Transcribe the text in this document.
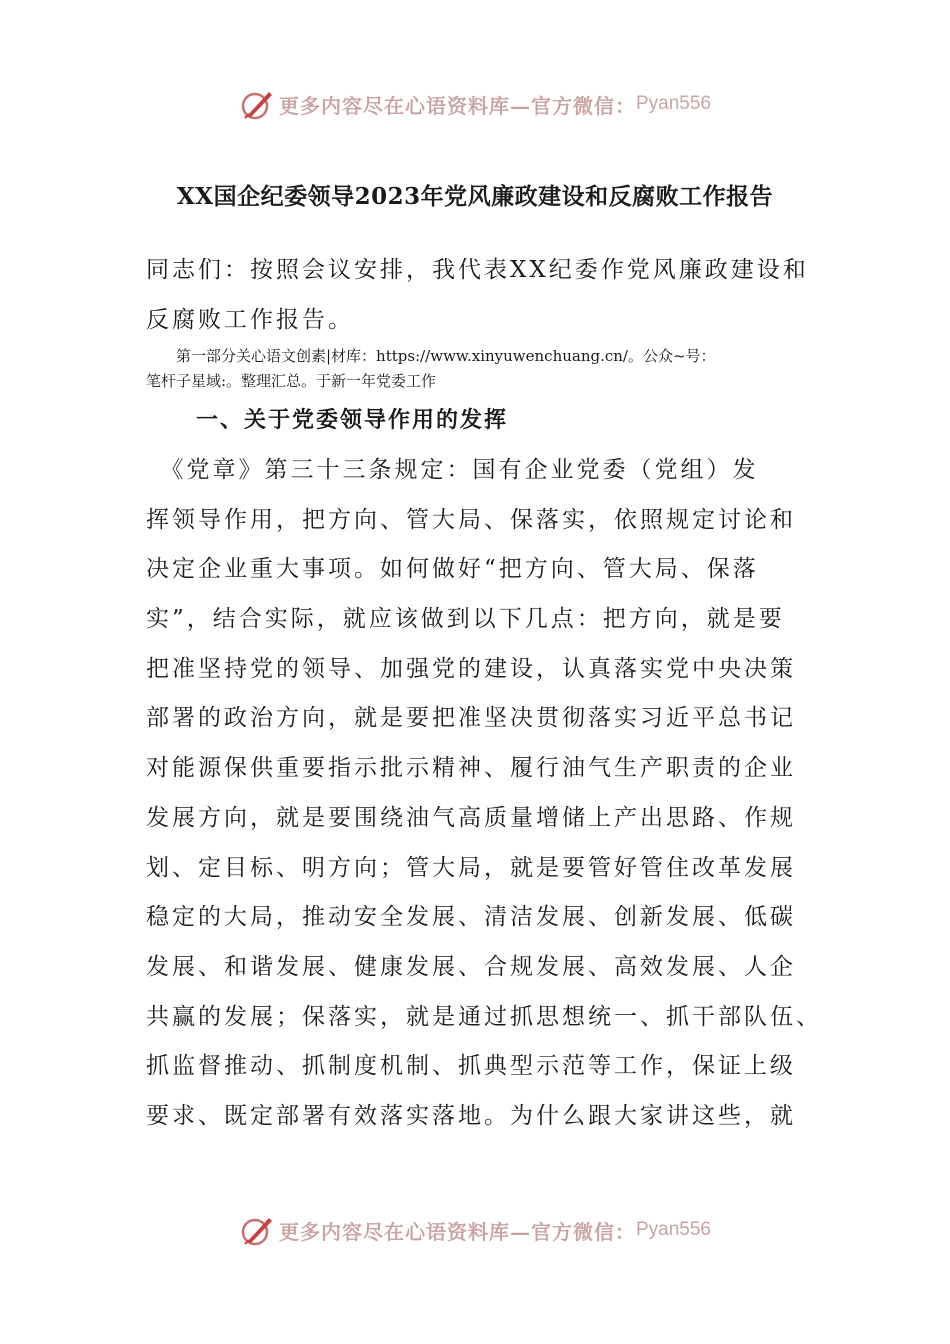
更多内容尽在心语资料库—官方微信： Pyan556
XX国企纪委领导2023年党风廉政建设和反腐败工作报告
同志们：按照会议安排，我代表XX纪委作党风廉政建设和
反腐败工作报告。
　　第一部分关心语文创素|材库：https://www.xinyuwenchuang.cn/。公众~号：
笔杆子星域:。整理汇总。于新一年党委工作
一、关于党委领导作用的发挥
　《党章》第三十三条规定：国有企业党委（党组）发
挥领导作用，把方向、管大局、保落实，依照规定讨论和
决定企业重大事项。如何做好“把方向、管大局、保落
实”，结合实际，就应该做到以下几点：把方向，就是要
把准坚持党的领导、加强党的建设，认真落实党中央决策
部署的政治方向，就是要把准坚决贯彻落实习近平总书记
对能源保供重要指示批示精神、履行油气生产职责的企业
发展方向，就是要围绕油气高质量增储上产出思路、作规
划、定目标、明方向；管大局，就是要管好管住改革发展
稳定的大局，推动安全发展、清洁发展、创新发展、低碳
发展、和谐发展、健康发展、合规发展、高效发展、人企
共赢的发展；保落实，就是通过抓思想统一、抓干部队伍、
抓监督推动、抓制度机制、抓典型示范等工作，保证上级
要求、既定部署有效落实落地。为什么跟大家讲这些，就
更多内容尽在心语资料库—官方微信： Pyan556
